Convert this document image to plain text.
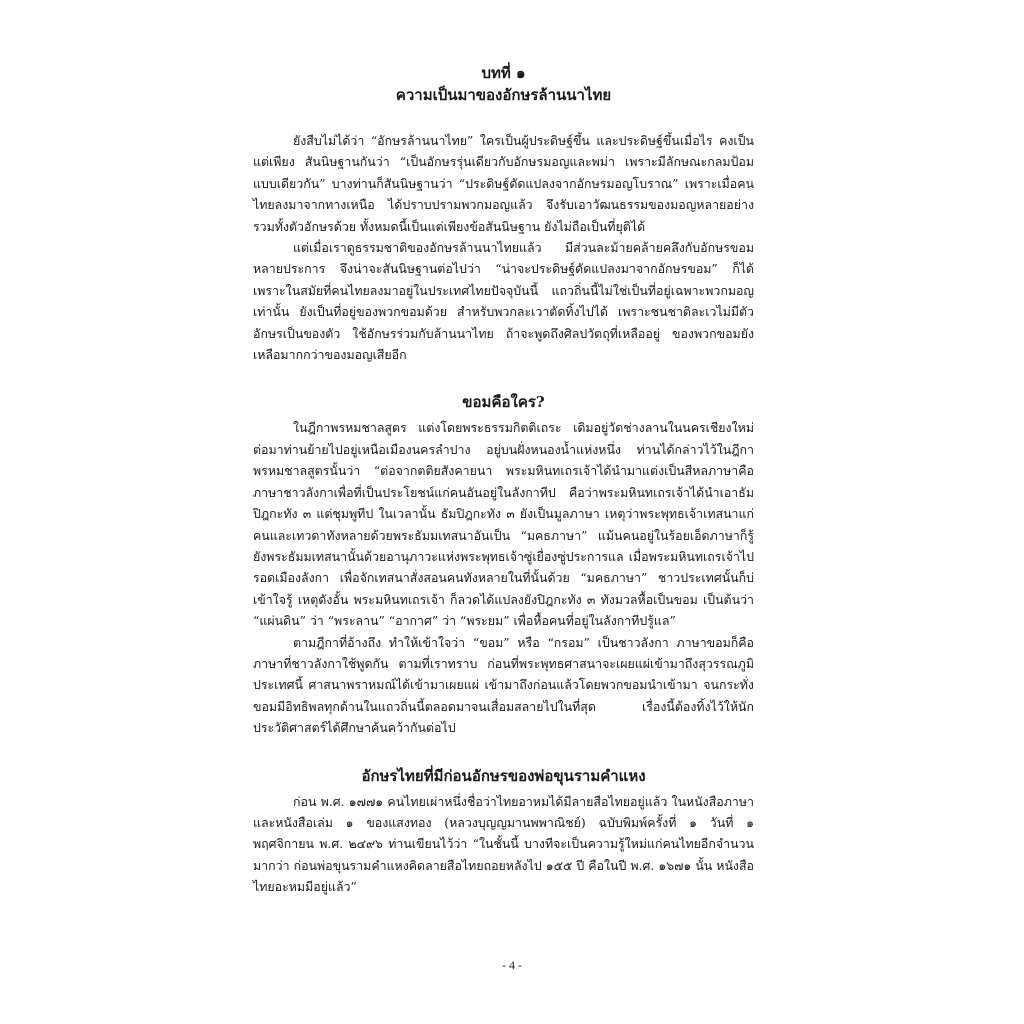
บทที่ ๑
ความเป็นมาของอักษรล้านนาไทย

ยังสืบไม่ได้ว่า “อักษรล้านนาไทย” ใครเป็นผู้ประดิษฐ์ขึ้น และประดิษฐ์ขึ้นเมื่อไร คงเป็นแต่เพียง สันนิษฐานกันว่า “เป็นอักษรรุ่นเดียวกับอักษรมอญและพม่า เพราะมีลักษณะกลมป้อมแบบเดียวกัน” บางท่านก็สันนิษฐานว่า “ประดิษฐ์ดัดแปลงจากอักษรมอญโบราณ” เพราะเมื่อคนไทยลงมาจากทางเหนือ ได้ปราบปรามพวกมอญแล้ว จึงรับเอาวัฒนธรรมของมอญหลายอย่าง รวมทั้งตัวอักษรด้วย ทั้งหมดนี้เป็นแต่เพียงข้อสันนิษฐาน ยังไม่ถือเป็นที่ยุติได้

แต่เมื่อเราดูธรรมชาติของอักษรล้านนาไทยแล้ว มีส่วนละม้ายคล้ายคลึงกับอักษรขอมหลายประการ จึงน่าจะสันนิษฐานต่อไปว่า “น่าจะประดิษฐ์ดัดแปลงมาจากอักษรขอม” ก็ได้ เพราะในสมัยที่คนไทยลงมาอยู่ในประเทศไทยปัจจุบันนี้ แถวถิ่นนี้ไม่ใช่เป็นที่อยู่เฉพาะพวกมอญเท่านั้น ยังเป็นที่อยู่ของพวกขอมด้วย สำหรับพวกละเวาตัดทิ้งไปได้ เพราะชนชาติละเวไม่มีตัวอักษรเป็นของตัว ใช้อักษรร่วมกับล้านนาไทย ถ้าจะพูดถึงศิลปวัตถุที่เหลืออยู่ ของพวกขอมยังเหลือมากกว่าของมอญเสียอีก

ขอมคือใคร?

ในฎีกาพรหมชาลสูตร แต่งโดยพระธรรมกิตติเถระ เดิมอยู่วัดช่างลานในนครเชียงใหม่ ต่อมาท่านย้ายไปอยู่เหนือเมืองนครลำปาง อยู่บนฝั่งหนองน้ำแห่งหนึ่ง ท่านได้กล่าวไว้ในฎีกาพรหมชาลสูตรนั้นว่า “ต่อจากตติยสังคายนา พระมหินทเถรเจ้าได้นำมาแต่งเป็นสีหลภาษาคือภาษาชาวลังกาเพื่อที่เป็นประโยชน์แก่คนอันอยู่ในลังกาทีป คือว่าพระมหินทเถรเจ้าได้นำเอาธัมปิฎกะทัง ๓ แต่ชุมพูทีป ในเวลานั้น ธัมปิฎกะทัง ๓ ยังเป็นมูลภาษา เหตุว่าพระพุทธเจ้าเทสนาแก่คนและเทวดาทังหลายด้วยพระธัมมเทสนาอันเป็น “มคธภาษา” แม้นคนอยู่ในร้อยเอ็ดภาษาก็รู้ยังพระธัมมเทสนานั้นด้วยอานุภาวะแห่งพระพุทธเจ้าซู่เยื่องซู่ประการแล เมื่อพระมหินทเถรเจ้าไปรอดเมืองลังกา เพื่อจักเทสนาสั่งสอนคนทังหลายในที่นั้นด้วย “มคธภาษา” ชาวประเทศนั้นก็บ่เข้าใจรู้ เหตุดังอั้น พระมหินทเถรเจ้า ก็ลวดได้แปลงยังปิฎกะทัง ๓ ทังมวลหื้อเป็นขอม เป็นต้นว่า “แผ่นดิน” ว่า “พระลาน” “อากาศ” ว่า “พระยม” เพื่อหื้อคนที่อยู่ในลังกาทีปรู้แล”

ตามฎีกาที่อ้างถึง ทำให้เข้าใจว่า “ขอม” หรือ “กรอม” เป็นชาวลังกา ภาษาขอมก็คือภาษาที่ชาวลังกาใช้พูดกัน ตามที่เราทราบ ก่อนที่พระพุทธศาสนาจะเผยแผ่เข้ามาถึงสุวรรณภูมิประเทศนี้ ศาสนาพราหมณ์ได้เข้ามาเผยแผ่ เข้ามาถึงก่อนแล้วโดยพวกขอมนำเข้ามา จนกระทั่งขอมมีอิทธิพลทุกด้านในแถวถิ่นนี้ตลอดมาจนเสื่อมสลายไปในที่สุด เรื่องนี้ต้องทิ้งไว้ให้นักประวัติศาสตร์ได้ศึกษาค้นคว้ากันต่อไป

อักษรไทยที่มีก่อนอักษรของพ่อขุนรามคำแหง

ก่อน พ.ศ. ๑๗๗๑ คนไทยเผ่าหนึ่งชื่อว่าไทยอาหมได้มีลายสือไทยอยู่แล้ว ในหนังสือภาษาและหนังสือเล่ม ๑ ของแสงทอง (หลวงบุญญมานพพาณิชย์) ฉบับพิมพ์ครั้งที่ ๑ วันที่ ๑ พฤศจิกายน พ.ศ. ๒๔๙๖ ท่านเขียนไว้ว่า “ในชั้นนี้ บางทีจะเป็นความรู้ใหม่แก่คนไทยอีกจำนวนมากว่า ก่อนพ่อขุนรามคำแหงคิดลายสือไทยถอยหลังไป ๑๕๕ ปี คือในปี พ.ศ. ๑๖๗๑ นั้น หนังสือไทยอะหมมีอยู่แล้ว”

- 4 -
